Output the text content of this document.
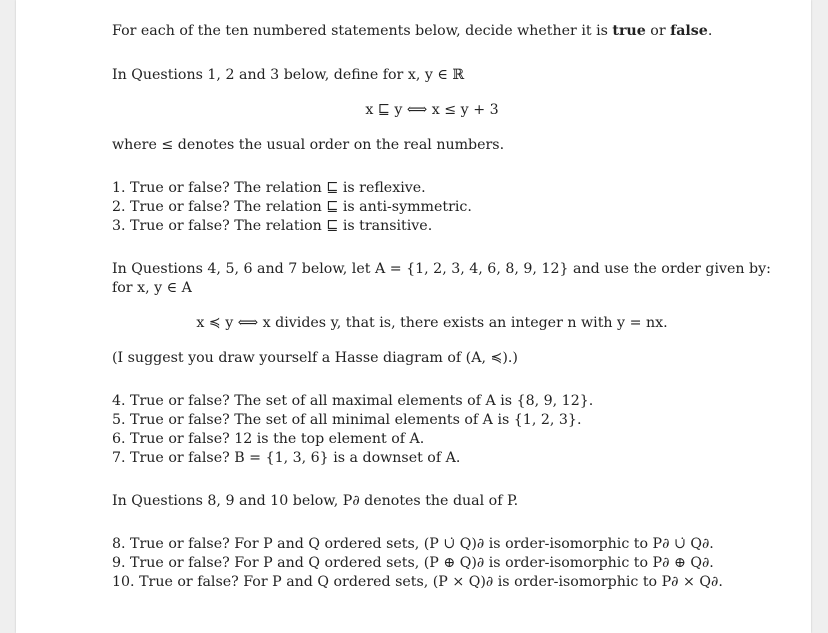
For each of the ten numbered statements below, decide whether it is true or false.
In Questions 1, 2 and 3 below, define for x, y ∈ ℝ
x ⊑ y ⟺ x ≤ y + 3
where ≤ denotes the usual order on the real numbers.
1. True or false? The relation ⊑ is reflexive.
2. True or false? The relation ⊑ is anti-symmetric.
3. True or false? The relation ⊑ is transitive.
In Questions 4, 5, 6 and 7 below, let A = {1, 2, 3, 4, 6, 8, 9, 12} and use the order given by:
for x, y ∈ A
x ≼ y ⟺ x divides y, that is, there exists an integer n with y = nx.
(I suggest you draw yourself a Hasse diagram of (A, ≼).)
4. True or false? The set of all maximal elements of A is {8, 9, 12}.
5. True or false? The set of all minimal elements of A is {1, 2, 3}.
6. True or false? 12 is the top element of A.
7. True or false? B = {1, 3, 6} is a downset of A.
In Questions 8, 9 and 10 below, P∂ denotes the dual of P.
8. True or false? For P and Q ordered sets, (P ∪̇ Q)∂ is order-isomorphic to P∂ ∪̇ Q∂.
9. True or false? For P and Q ordered sets, (P ⊕ Q)∂ is order-isomorphic to P∂ ⊕ Q∂.
10. True or false? For P and Q ordered sets, (P × Q)∂ is order-isomorphic to P∂ × Q∂.
